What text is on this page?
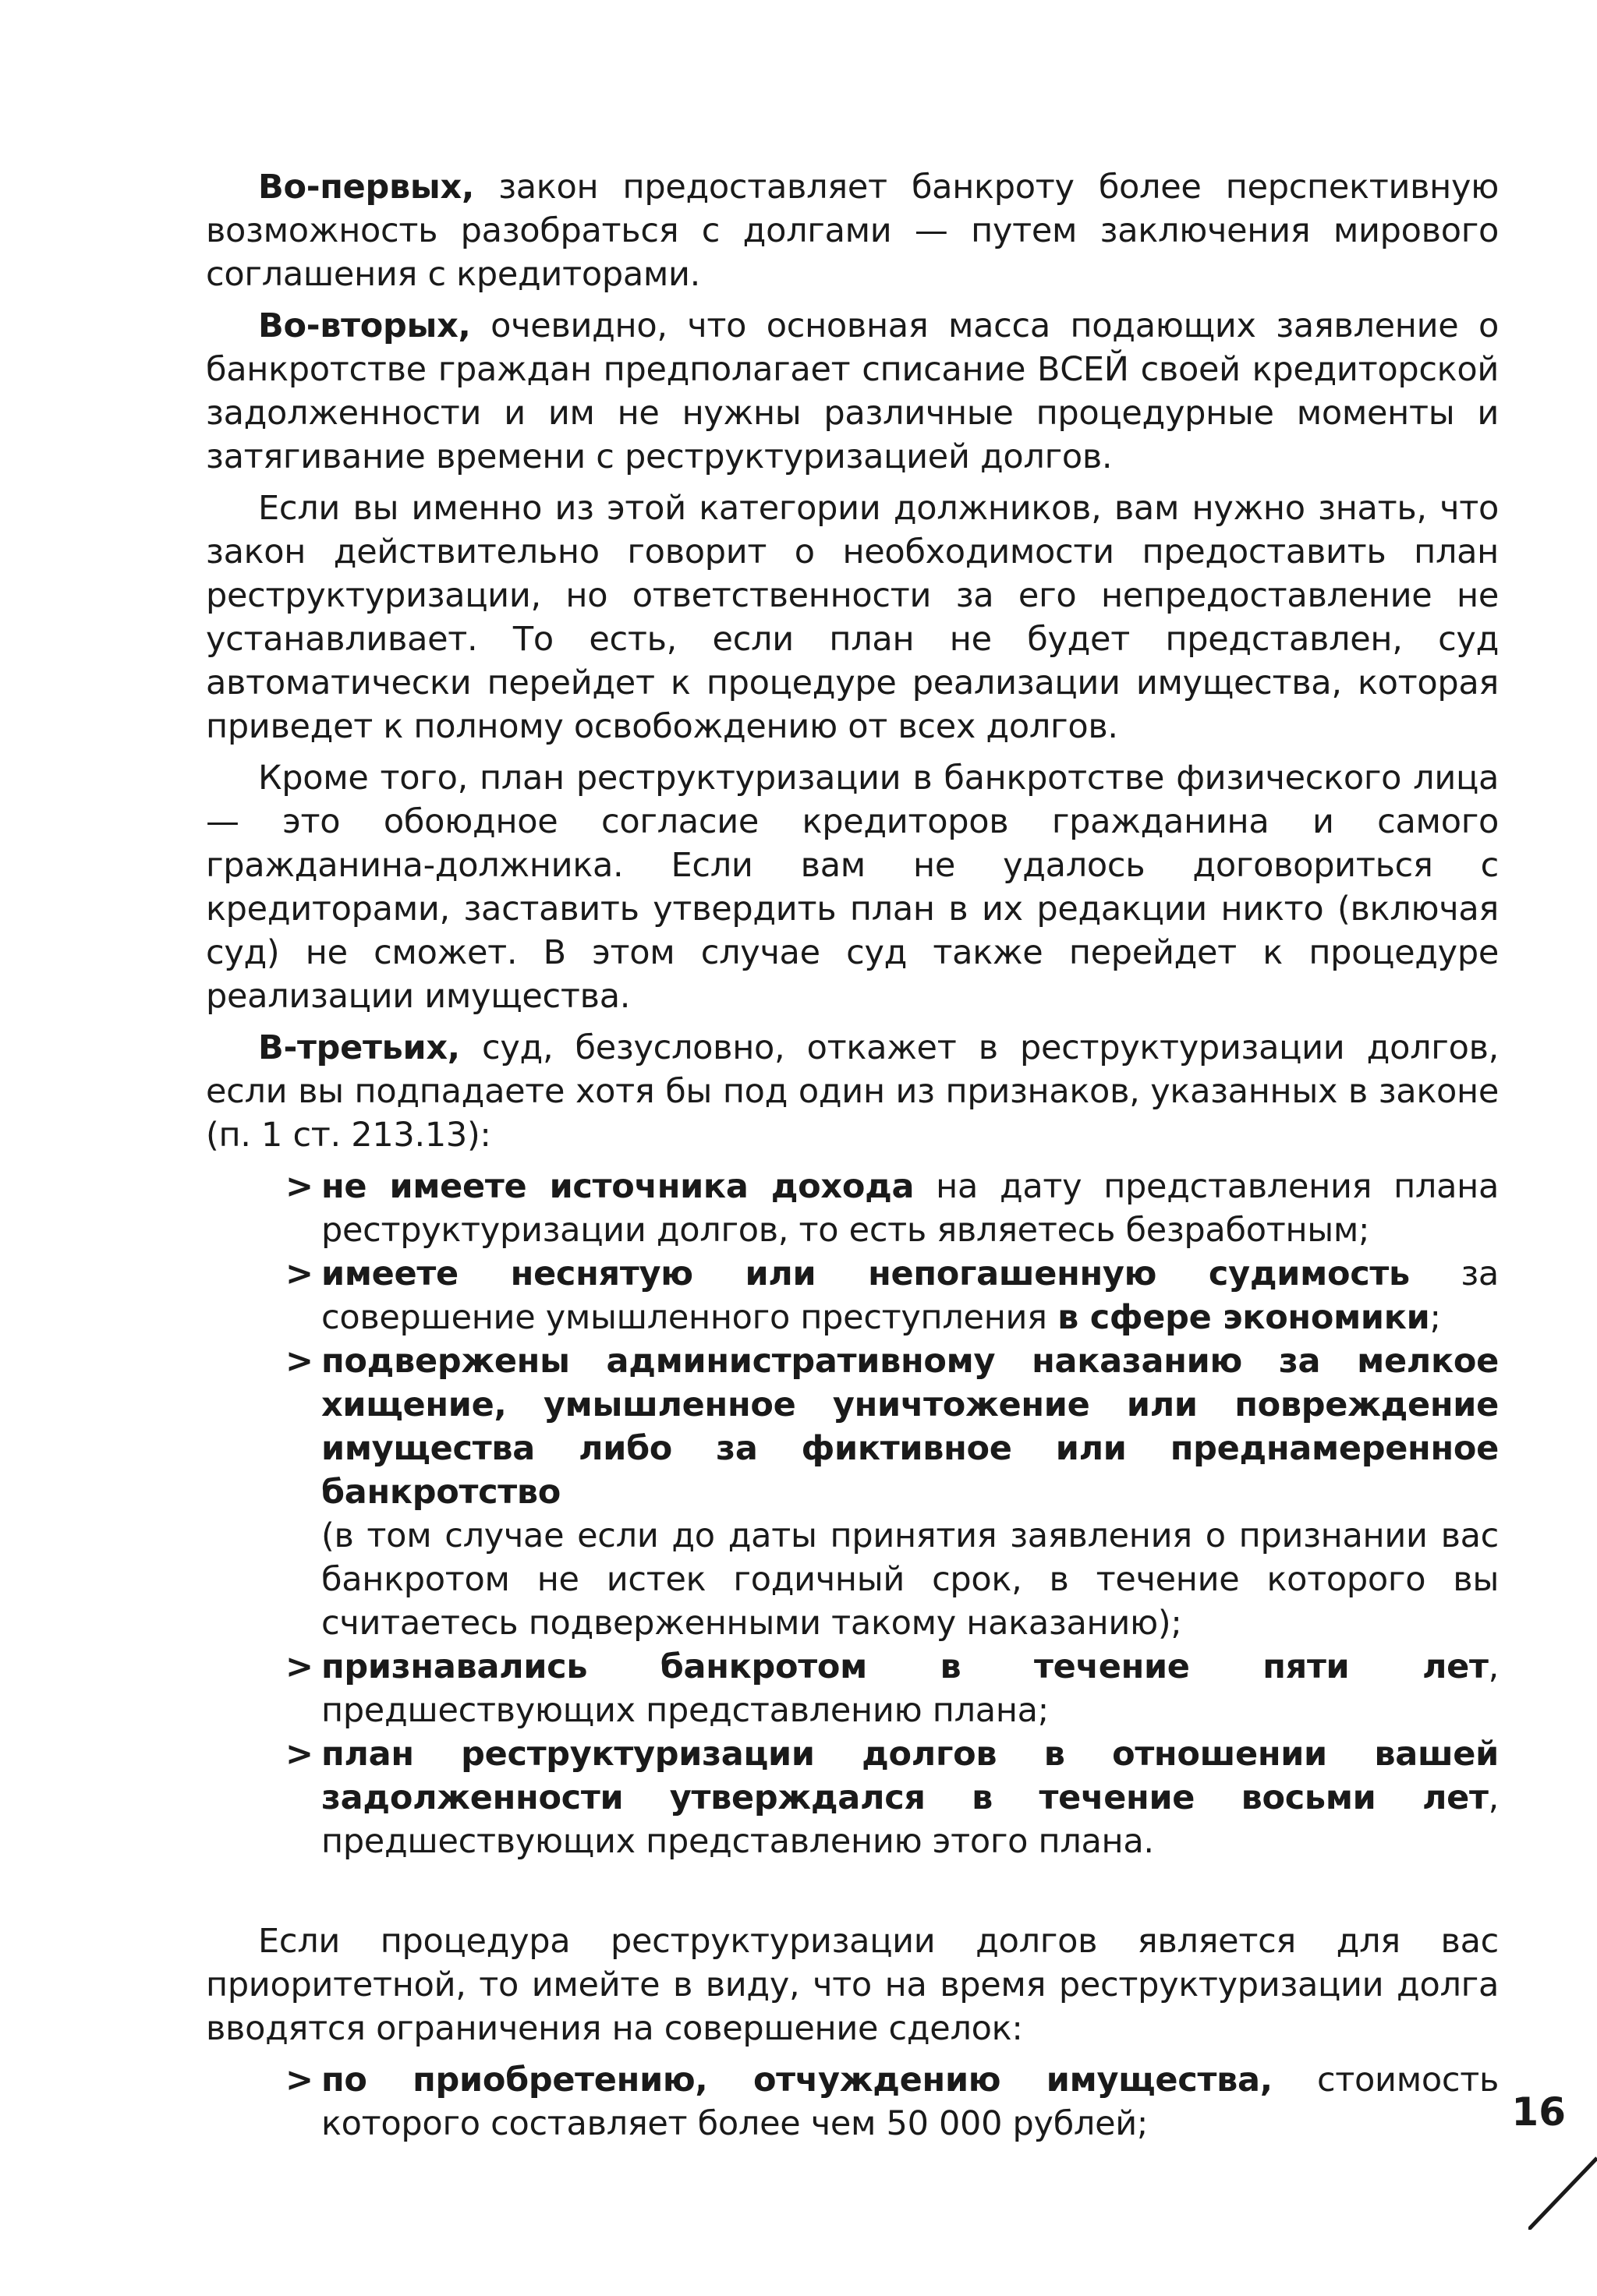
Во-первых, закон предоставляет банкроту более перспективную возможность разобраться с долгами — путем заключения мирового соглашения с кредиторами.

Во-вторых, очевидно, что основная масса подающих заявление о банкротстве граждан предполагает списание ВСЕЙ своей кредиторской задолженности и им не нужны различные процедурные моменты и затягивание времени с реструктуризацией долгов.

Если вы именно из этой категории должников, вам нужно знать, что закон действительно говорит о необходимости предоставить план реструктуризации, но ответственности за его непредоставление не устанавливает. То есть, если план не будет представлен, суд автоматически перейдет к процедуре реализации имущества, которая приведет к полному освобождению от всех долгов.

Кроме того, план реструктуризации в банкротстве физического лица — это обоюдное согласие кредиторов гражданина и самого гражданина-должника. Если вам не удалось договориться с кредиторами, заставить утвердить план в их редакции никто (включая суд) не сможет. В этом случае суд также перейдет к процедуре реализации имущества.

В-третьих, суд, безусловно, откажет в реструктуризации долгов, если вы подпадаете хотя бы под один из признаков, указанных в законе (п. 1 ст. 213.13):

> не имеете источника дохода на дату представления плана реструктуризации долгов, то есть являетесь безработным;
> имеете неснятую или непогашенную судимость за совершение умышленного преступления в сфере экономики;
> подвержены административному наказанию за мелкое хищение, умышленное уничтожение или повреждение имущества либо за фиктивное или преднамеренное банкротство
(в том случае если до даты принятия заявления о признании вас банкротом не истек годичный срок, в течение которого вы считаетесь подверженными такому наказанию);
> признавались банкротом в течение пяти лет, предшествующих представлению плана;
> план реструктуризации долгов в отношении вашей задолженности утверждался в течение восьми лет, предшествующих представлению этого плана.

Если процедура реструктуризации долгов является для вас приоритетной, то имейте в виду, что на время реструктуризации долга вводятся ограничения на совершение сделок:

> по приобретению, отчуждению имущества, стоимость которого составляет более чем 50 000 рублей;	16
